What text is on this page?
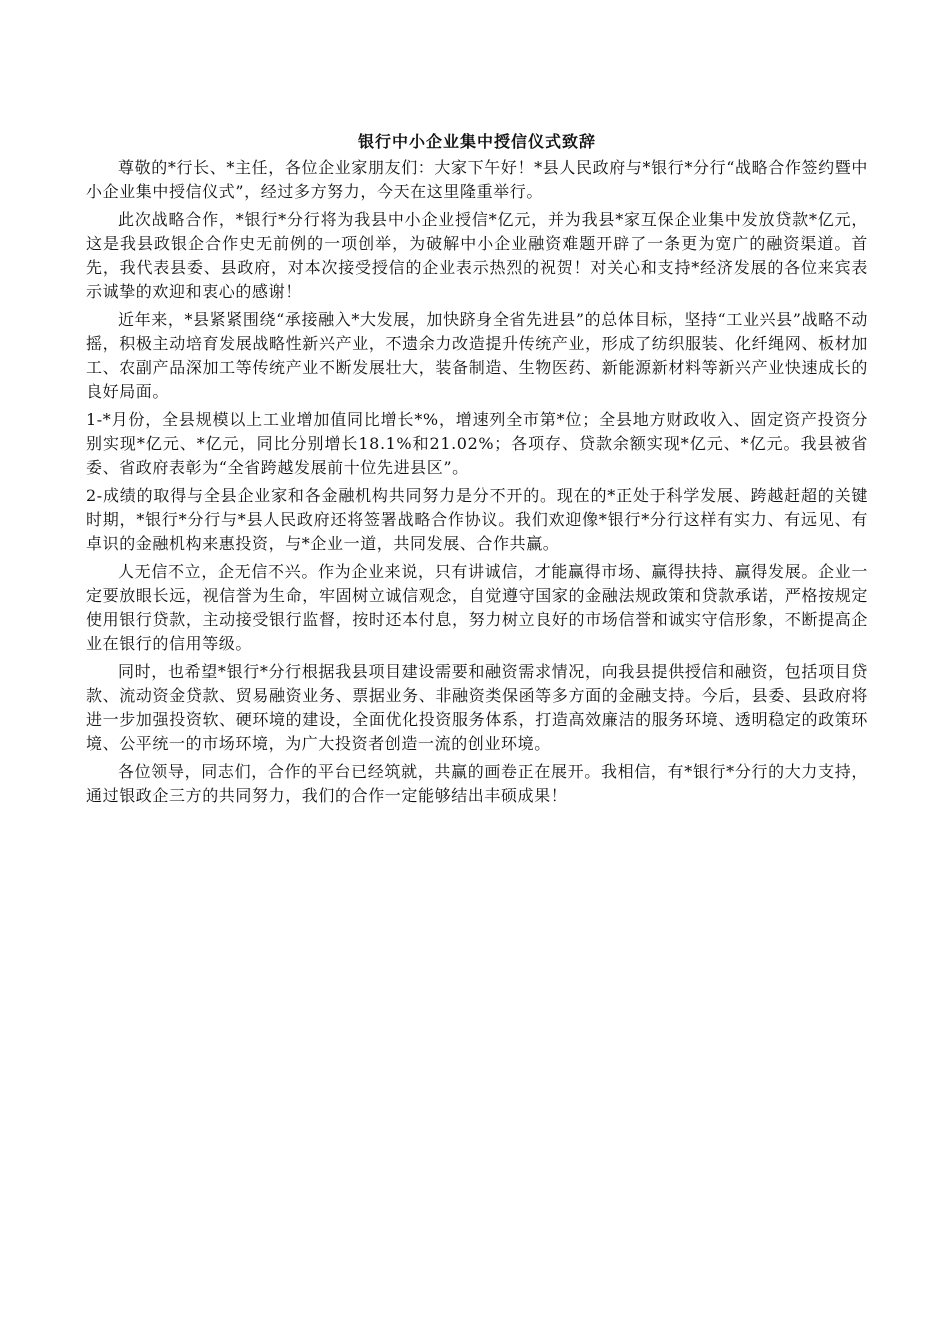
银行中小企业集中授信仪式致辞

尊敬的*行长、*主任，各位企业家朋友们：大家下午好！*县人民政府与*银行*分行“战略合作签约暨中小企业集中授信仪式”，经过多方努力，今天在这里隆重举行。

此次战略合作，*银行*分行将为我县中小企业授信*亿元，并为我县*家互保企业集中发放贷款*亿元，这是我县政银企合作史无前例的一项创举，为破解中小企业融资难题开辟了一条更为宽广的融资渠道。首先，我代表县委、县政府，对本次接受授信的企业表示热烈的祝贺！对关心和支持*经济发展的各位来宾表示诚挚的欢迎和衷心的感谢！

近年来，*县紧紧围绕“承接融入*大发展，加快跻身全省先进县”的总体目标，坚持“工业兴县”战略不动摇，积极主动培育发展战略性新兴产业，不遗余力改造提升传统产业，形成了纺织服装、化纤绳网、板材加工、农副产品深加工等传统产业不断发展壮大，装备制造、生物医药、新能源新材料等新兴产业快速成长的良好局面。

1-*月份，全县规模以上工业增加值同比增长*%，增速列全市第*位；全县地方财政收入、固定资产投资分别实现*亿元、*亿元，同比分别增长18.1%和21.02%；各项存、贷款余额实现*亿元、*亿元。我县被省委、省政府表彰为“全省跨越发展前十位先进县区”。

2-成绩的取得与全县企业家和各金融机构共同努力是分不开的。现在的*正处于科学发展、跨越赶超的关键时期，*银行*分行与*县人民政府还将签署战略合作协议。我们欢迎像*银行*分行这样有实力、有远见、有卓识的金融机构来惠投资，与*企业一道，共同发展、合作共赢。

人无信不立，企无信不兴。作为企业来说，只有讲诚信，才能赢得市场、赢得扶持、赢得发展。企业一定要放眼长远，视信誉为生命，牢固树立诚信观念，自觉遵守国家的金融法规政策和贷款承诺，严格按规定使用银行贷款，主动接受银行监督，按时还本付息，努力树立良好的市场信誉和诚实守信形象，不断提高企业在银行的信用等级。

同时，也希望*银行*分行根据我县项目建设需要和融资需求情况，向我县提供授信和融资，包括项目贷款、流动资金贷款、贸易融资业务、票据业务、非融资类保函等多方面的金融支持。今后，县委、县政府将进一步加强投资软、硬环境的建设，全面优化投资服务体系，打造高效廉洁的服务环境、透明稳定的政策环境、公平统一的市场环境，为广大投资者创造一流的创业环境。

各位领导，同志们，合作的平台已经筑就，共赢的画卷正在展开。我相信，有*银行*分行的大力支持，通过银政企三方的共同努力，我们的合作一定能够结出丰硕成果！
